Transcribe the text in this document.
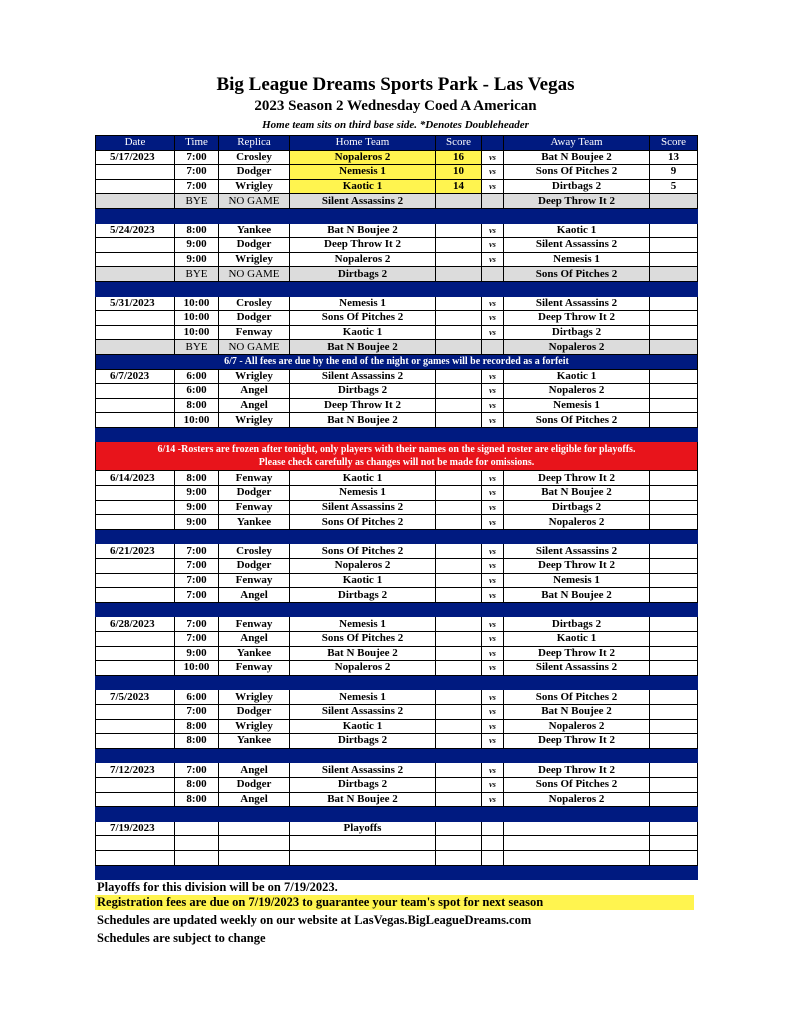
Big League Dreams Sports Park - Las Vegas
2023 Season 2 Wednesday Coed A American
Home team sits on third base side. *Denotes Doubleheader
Date	Time	Replica	Home Team	Score		Away Team	Score
5/17/2023	7:00	Crosley	Nopaleros 2	16	vs	Bat N Boujee 2	13
	7:00	Dodger	Nemesis 1	10	vs	Sons Of Pitches 2	9
	7:00	Wrigley	Kaotic 1	14	vs	Dirtbags 2	5
	BYE	NO GAME	Silent Assassins 2			Deep Throw It 2	

5/24/2023	8:00	Yankee	Bat N Boujee 2		vs	Kaotic 1	
	9:00	Dodger	Deep Throw It 2		vs	Silent Assassins 2	
	9:00	Wrigley	Nopaleros 2		vs	Nemesis 1	
	BYE	NO GAME	Dirtbags 2			Sons Of Pitches 2	

5/31/2023	10:00	Crosley	Nemesis 1		vs	Silent Assassins 2	
	10:00	Dodger	Sons Of Pitches 2		vs	Deep Throw It 2	
	10:00	Fenway	Kaotic 1		vs	Dirtbags 2	
	BYE	NO GAME	Bat N Boujee 2			Nopaleros 2	
6/7 - All fees are due by the end of the night or games will be recorded as a forfeit							
6/7/2023	6:00	Wrigley	Silent Assassins 2		vs	Kaotic 1	
	6:00	Angel	Dirtbags 2		vs	Nopaleros 2	
	8:00	Angel	Deep Throw It 2		vs	Nemesis 1	
	10:00	Wrigley	Bat N Boujee 2		vs	Sons Of Pitches 2	

6/14 -Rosters are frozen after tonight, only players with their names on the signed roster are eligible for playoffs.
Please check carefully as changes will not be made for omissions.							

6/14/2023	8:00	Fenway	Kaotic 1		vs	Deep Throw It 2	
	9:00	Dodger	Nemesis 1		vs	Bat N Boujee 2	
	9:00	Fenway	Silent Assassins 2		vs	Dirtbags 2	
	9:00	Yankee	Sons Of Pitches 2		vs	Nopaleros 2	

6/21/2023	7:00	Crosley	Sons Of Pitches 2		vs	Silent Assassins 2	
	7:00	Dodger	Nopaleros 2		vs	Deep Throw It 2	
	7:00	Fenway	Kaotic 1		vs	Nemesis 1	
	7:00	Angel	Dirtbags 2		vs	Bat N Boujee 2	

6/28/2023	7:00	Fenway	Nemesis 1		vs	Dirtbags 2	
	7:00	Angel	Sons Of Pitches 2		vs	Kaotic 1	
	9:00	Yankee	Bat N Boujee 2		vs	Deep Throw It 2	
	10:00	Fenway	Nopaleros 2		vs	Silent Assassins 2	

7/5/2023	6:00	Wrigley	Nemesis 1		vs	Sons Of Pitches 2	
	7:00	Dodger	Silent Assassins 2		vs	Bat N Boujee 2	
	8:00	Wrigley	Kaotic 1		vs	Nopaleros 2	
	8:00	Yankee	Dirtbags 2		vs	Deep Throw It 2	

7/12/2023	7:00	Angel	Silent Assassins 2		vs	Deep Throw It 2	
	8:00	Dodger	Dirtbags 2		vs	Sons Of Pitches 2	
	8:00	Angel	Bat N Boujee 2		vs	Nopaleros 2	

7/19/2023			Playoffs				

Playoffs for this division will be on 7/19/2023.
Registration fees are due on 7/19/2023 to guarantee your team's spot for next season
Schedules are updated weekly on our website at LasVegas.BigLeagueDreams.com
Schedules are subject to change
